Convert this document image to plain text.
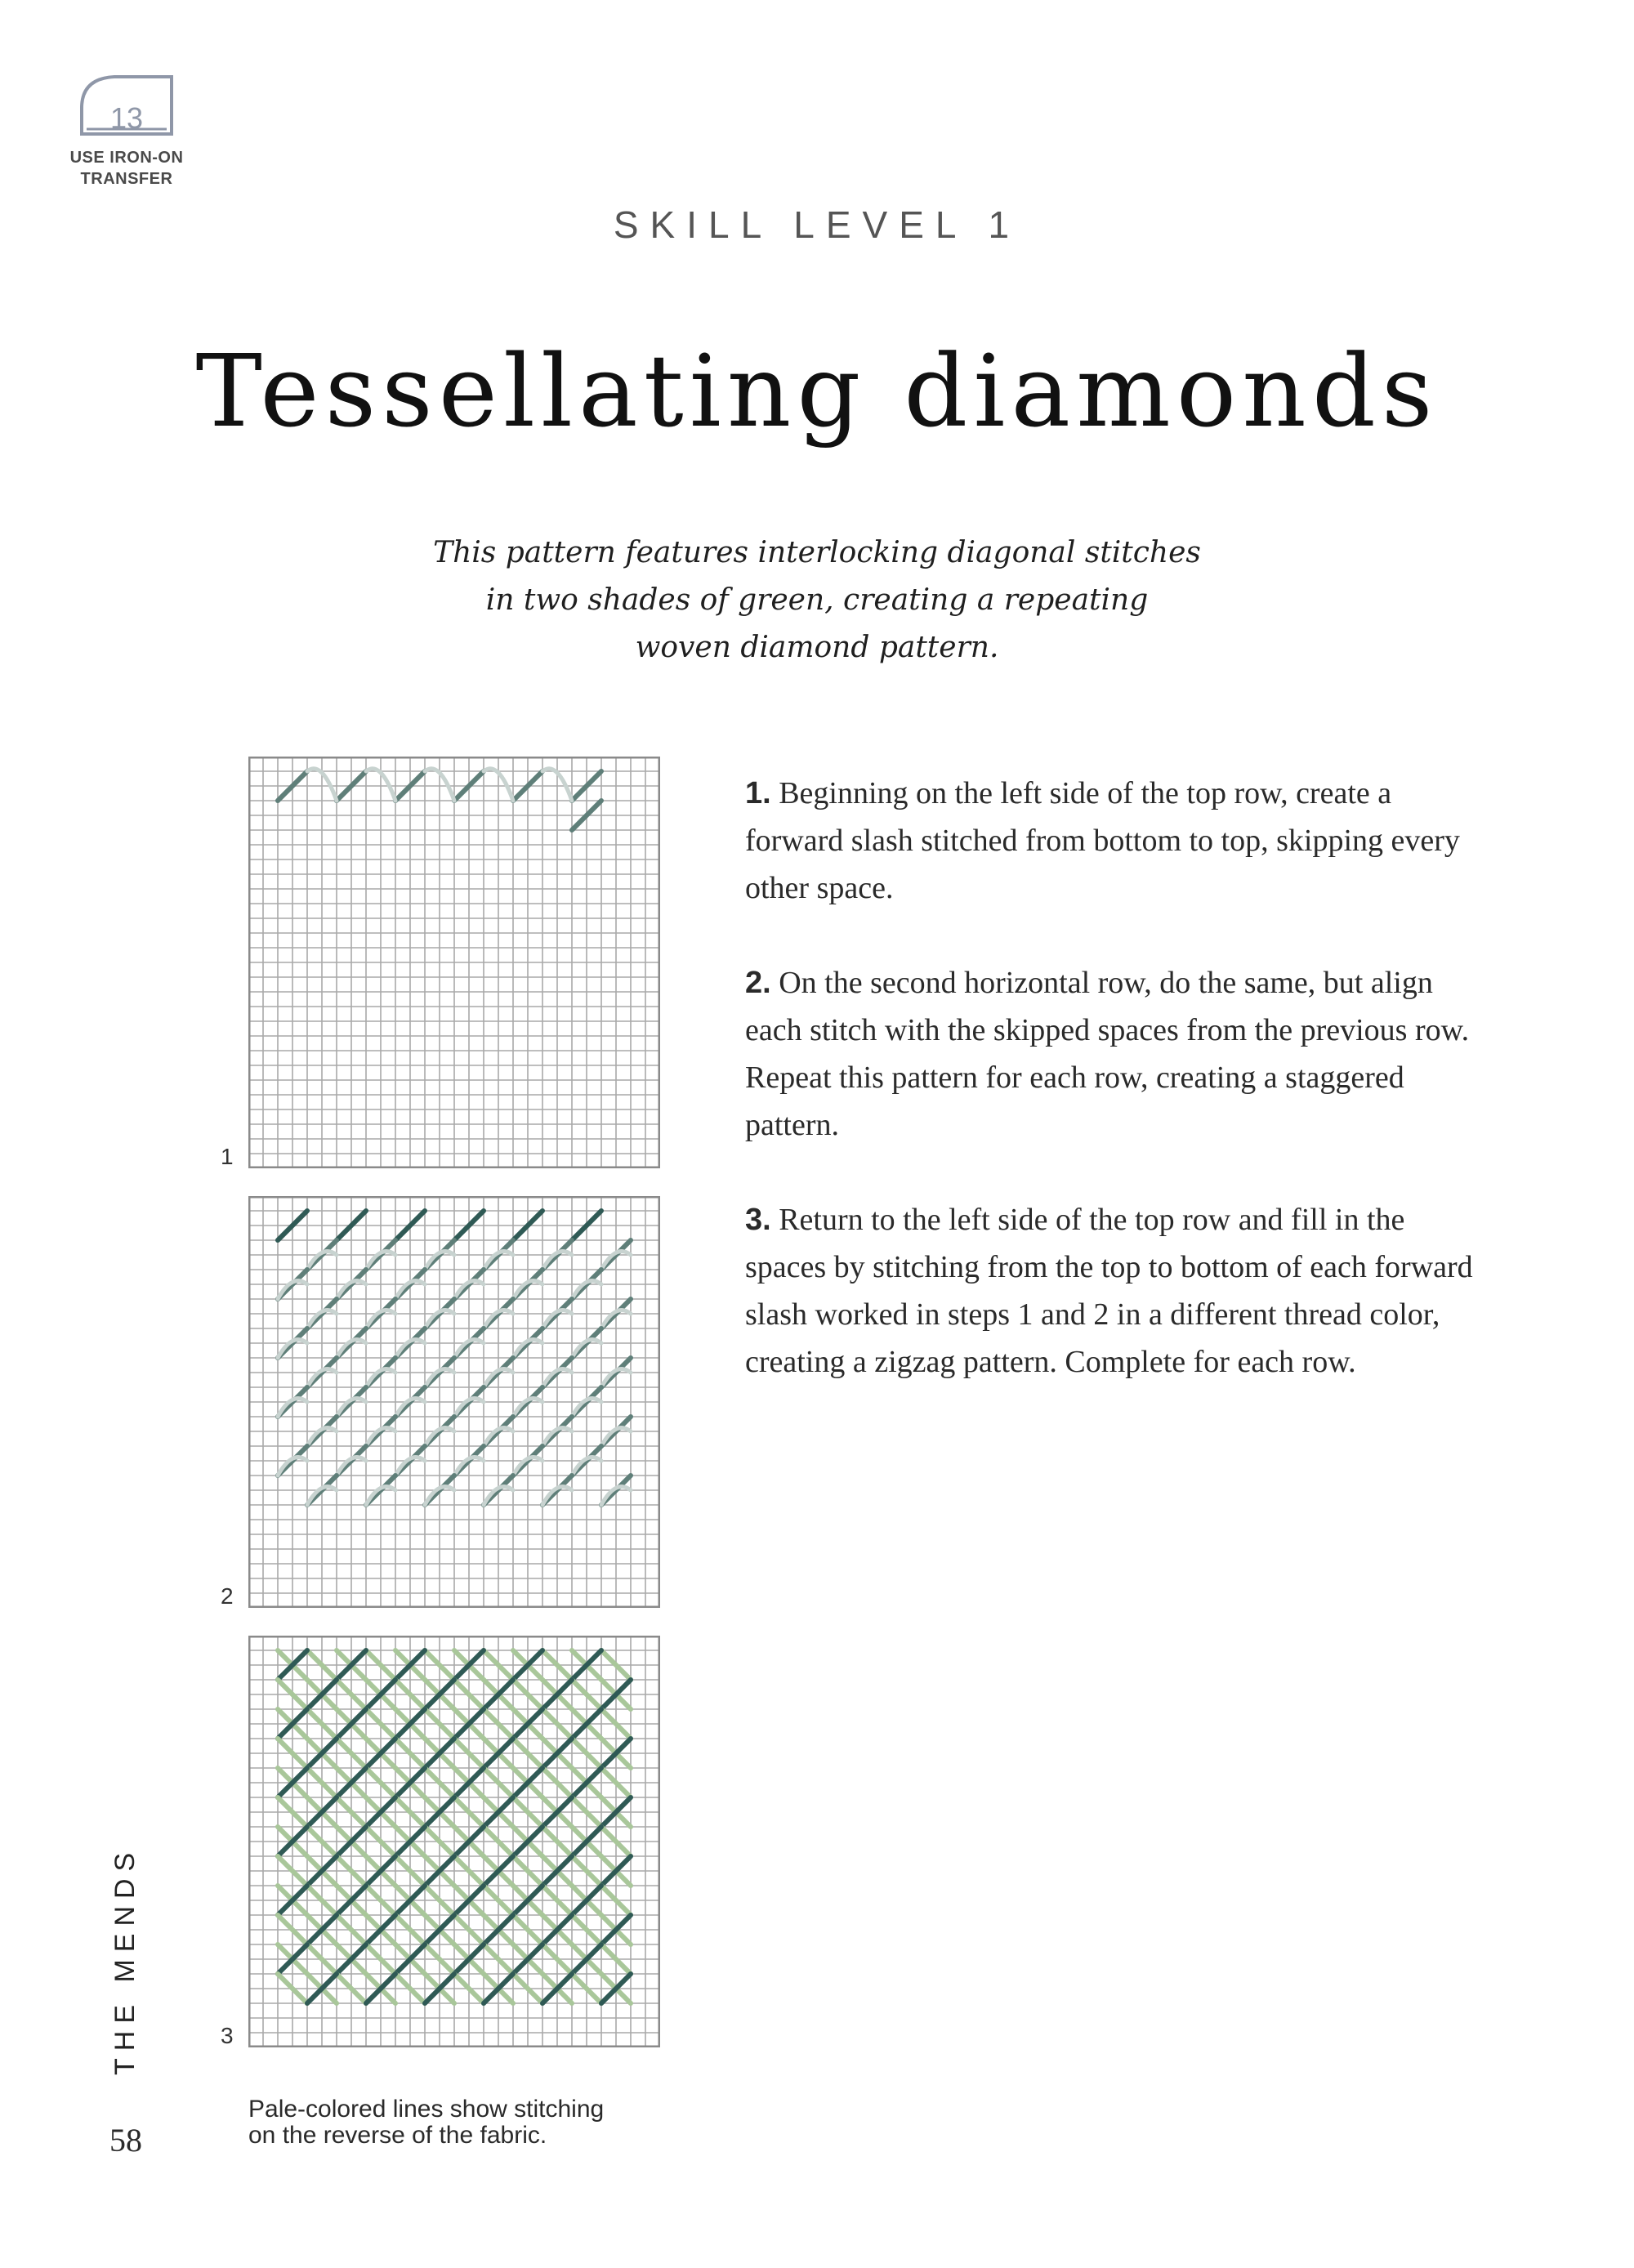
13
USE IRON-ON
TRANSFER
SKILL LEVEL 1
Tessellating diamonds
This pattern features interlocking diagonal stitches
in two shades of green, creating a repeating
woven diamond pattern.
1. Beginning on the left side of the top row, create a forward slash stitched from bottom to top, skipping every other space.
2. On the second horizontal row, do the same, but align each stitch with the skipped spaces from the previous row. Repeat this pattern for each row, creating a staggered pattern.
3. Return to the left side of the top row and fill in the spaces by stitching from the top to bottom of each forward slash worked in steps 1 and 2 in a different thread color, creating a zigzag pattern. Complete for each row.
1
2
3
THE MENDS
58
Pale-colored lines show stitching
on the reverse of the fabric.
